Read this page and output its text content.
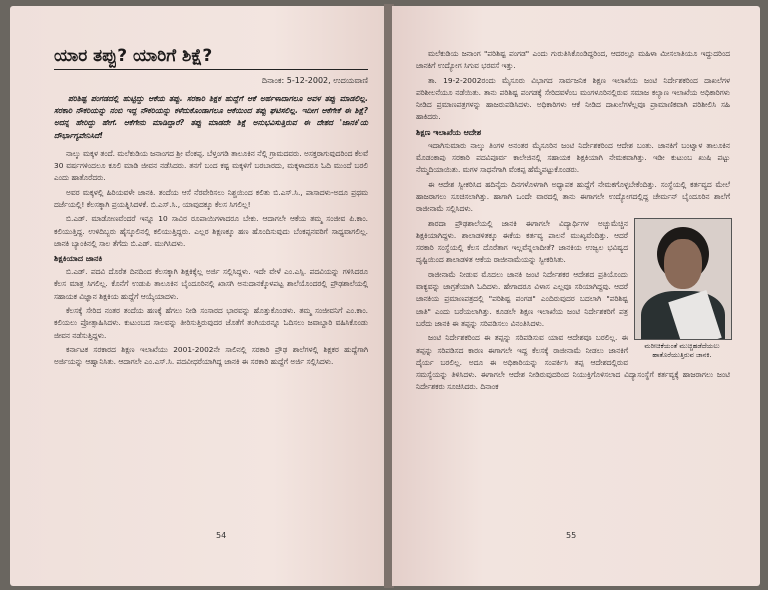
ಯಾರ ತಪ್ಪು? ಯಾರಿಗೆ ಶಿಕ್ಷೆ?
ದಿನಾಂಕ: 5-12-2002, ಉದಯವಾಣಿ
ಪರಿಶಿಷ್ಟ ಪಂಗಡದಲ್ಲಿ ಹುಟ್ಟಿದ್ದು ಆಕೆಯ ತಪ್ಪು. ಸರಕಾರಿ ಶಿಕ್ಷಕ ಹುದ್ದೆಗೆ ಆಕೆ ಅರ್ಹಳಾದಾಗಲೂ ಅವಳ ತಪ್ಪು ಮಾಡಲಿಲ್ಲ. ಸರಕಾರಿ ನೌಕರಿಯನ್ನು ನಂಬಿ ಇದ್ದ ನೌಕರಿಯನ್ನು ಕಳೆದುಕೊಂಡಾಗಲೂ ಆಕೆಯಿಂದ ತಪ್ಪು ಘಟಿಸಲಿಲ್ಲ. ಇದೀಗ ಆಕೆಗೇಕೆ ಈ ಶಿಕ್ಷೆ? ಅದನ್ನ ಹೇರಿದ್ದು ಹೇಗೆ. ಆಕೆಗೇನು ಮಾಡಿದ್ದಾರೆ? ತಪ್ಪು ಮಾಡದೇ ಶಿಕ್ಷೆ ಅನುಭವಿಸುತ್ತಿರುವ ಈ ದೇಶದ 'ಜಾನಕಿ'ಯ ದೌರ್ಭಾಗ್ಯವೇನಿಸಿದೆ!

ನಾಲ್ಕು ಮಕ್ಕಳ ತಂದೆ. ಮಲೆಕುಡಿಯ ಜನಾಂಗದ ಶ್ರೀ ವೆಂಕಪ್ಪ. ಬೆಳ್ತಂಗಡಿ ತಾಲೂಕಿನ ನೆಲ್ಲಿ ಗ್ರಾಮದವರು. ಅಸಕ್ತರಾಗುವುದರಿಂದ ಕೆಲವೆ 30 ವರ್ಷಗಳಿಂದಲೂ ಕೂಲಿ ಮಾಡಿ ಜೀವನ ನಡೆಸಿದರು. ತನಗೆ ಬಂದ ಕಷ್ಟ ಮಕ್ಕಳಿಗೆ ಬರಬಾರದು, ಮಕ್ಕಳಾದರೂ ಓದಿ ಮುಂದೆ ಬರಲಿ ಎಂದು ಹಾತೊರೆದರು.

ಅವರ ಮಕ್ಕಳಲ್ಲಿ ಹಿರಿಯವಳೇ ಜಾನಕಿ. ತಂದೆಯ ಆಸೆ ನೆರವೇರಿಸಲು ನಿಶ್ಚಯಿಂದ ಕಲಿತು ಬಿ.ಎಸ್.ಸಿ., ಪಾಸಾದಳು-ಅದೂ ಪ್ರಥಮ ದರ್ಜೆಯಲ್ಲಿ! ಕೆಲಸಕ್ಕಾಗಿ ಪ್ರಯತ್ನಿಸಿದಳಕೆ. ಬಿ.ಎಸ್.ಸಿ., ಯಾವುದಕ್ಕೂ ಕೆಲಸ ಸಿಗಲಿಲ್ಲ!

ಬಿ.ಎಡ್. ಮಾಡೋಣವೆಂದರೆ ಇನ್ನೂ 10 ಸಾವಿರ ರೂಪಾಯಿಗಳಾದರೂ ಬೇಕು. ಆದಾಗಲೇ ಆಕೆಯ ತಮ್ಮ ಸಂಜೀವ ಪಿ.ಕಾಂ. ಕಲಿಯುತ್ತಿದ್ದ. ಉಳಿದಿಬ್ಬರು ಹೈಸ್ಕೂಲಿನಲ್ಲಿ ಕಲಿಯುತ್ತಿದ್ದರು. ಎಲ್ಲರ ಶಿಕ್ಷಣಕ್ಕೂ ಹಣ ಹೊಂದಿಸುವುದು ಬೆಂಕಪ್ಪನವರಿಗೆ ಸಾಧ್ಯವಾಗಲಿಲ್ಲ. ಜಾನಕಿ ಬ್ಯಾಂಕಿನಲ್ಲಿ ಸಾಲ ತೆಗೆದು ಬಿ.ಎಡ್. ಮುಗಿಸಿದಳು.

ಶಿಕ್ಷಕಿಯಾದ ಜಾನಕಿ

ಬಿ.ಎಡ್. ಪದವಿ ದೊರೆತ ದಿನದಿಂದ ಕೆಲಸಕ್ಕಾಗಿ ಶಿಕ್ಷಕಿಕ್ಕೆಲ್ಲ ಅರ್ಜಿ ಸಲ್ಲಿಸಿದ್ದಳು. ಇದೇ ವೇಳೆ ಎಂ.ಎಸ್ಸಿ. ಪದವಿಯನ್ನು ಗಳಿಸಿದರೂ ಕೆಲಸ ಮಾತ್ರ ಸಿಗಲಿಲ್ಲ. ಕೊನೆಗೆ ಉಡುಪಿ ತಾಲೂಕಿನ ಬೈಂದೂರಿನಲ್ಲಿ ಖಾಸಗಿ ಅನುದಾನಕ್ಕೊಳಪಟ್ಟ ಶಾಲೆಯೊಂದರಲ್ಲಿ ಪ್ರೌಢಶಾಲೆಯಲ್ಲಿ ಸಹಾಯಕ ವಿಜ್ಞಾನ ಶಿಕ್ಷಕಿಯ ಹುದ್ದೆಗೆ ಆಯ್ಕೆಯಾದಳು.

ಕೆಲಸಕ್ಕೆ ಸೇರಿದ ನಂತರ ತಂದೆಯ ಹಣಕ್ಕೆ ಹೆಗಲು ನೀಡಿ ಸಂಸಾರದ ಭಾರವನ್ನು ಹೊತ್ತುಕೊಂಡಳು. ತಮ್ಮ ಸಂಜೀವನಿಗೆ ಎಂ.ಕಾಂ. ಕಲಿಯಲು ಪ್ರೋತ್ಸಾಹಿಸಿದಳು. ಕುಟುಂಬದ ಸಾಲವನ್ನು ತೀರಿಸುತ್ತಿರುವುದರ ಜೊತೆಗೆ ತಂಗಿಯರನ್ನೂ ಓದಿಸಲು ಜವಾಬ್ದಾರಿ ವಹಿಸಿಕೊಂಡು ಜೀವನ ನಡೆಸುತ್ತಿದ್ದಳು.

ಕರ್ನಾಟಕ ಸರಕಾರದ ಶಿಕ್ಷಣ ಇಲಾಖೆಯು 2001-2002ನೇ ಸಾಲಿನಲ್ಲಿ ಸರಕಾರಿ ಪ್ರೌಢ ಶಾಲೆಗಳಲ್ಲಿ ಶಿಕ್ಷಕರ ಹುದ್ದೆಗಾಗಿ ಅರ್ಜಿಯನ್ನು ಆಹ್ವಾನಿಸಿತು. ಆದಾಗಲೇ ಎಂ.ಎಸ್.ಸಿ. ಪದವೀಧರೆಯಾಗಿದ್ದ ಜಾನಕಿ ಈ ಸರಕಾರಿ ಹುದ್ದೆಗೆ ಅರ್ಜಿ ಸಲ್ಲಿಸಿದಳು.

54

ಮಲೆಕುಡಿಯ ಜನಾಂಗ "ಪರಿಶಿಷ್ಟ ಪಂಗಡ" ಎಂದು ಗುರುತಿಸಿಕೊಂಡಿದ್ದರಿಂದ, ಆದರಲ್ಲೂ ಮಹಿಳಾ ಮೀಸಲಾತಿಯೂ ಇದ್ದುದರಿಂದ ಜಾನಕಿಗೆ ಉದ್ಯೋಗ ಸಿಗುವ ಭರವಸೆ ಇತ್ತು.

ತಾ. 19-2-2002ರಂದು ಮೈಸೂರು ವಿಭಾಗದ ಸಾರ್ವಜನಿಕ ಶಿಕ್ಷಣ ಇಲಾಖೆಯ ಜಂಟಿ ನಿರ್ದೇಶಕರಿಂದ ದಾಖಲೆಗಳ ಪರಿಶೀಲನೆಯೂ ನಡೆಯಿತು. ತಾನು ಪರಿಶಿಷ್ಟ ಪಂಗಡಕ್ಕೆ ಸೇರಿದವಳೆಂಬ ಮಂಗಳೂರಿನಲ್ಲಿರುವ ಸಮಾಜ ಕಲ್ಯಾಣ ಇಲಾಖೆಯ ಅಧಿಕಾರಿಗಳು ನೀಡಿದ ಪ್ರಮಾಣಪತ್ರಗಳನ್ನು ಹಾಜರುಪಡಿಸಿದಳು. ಅಧಿಕಾರಿಗಳು ಆಕೆ ನೀಡಿದ ದಾಖಲೆಗಳೆಲ್ಲವೂ ಪ್ರಾಮಾಣಿಕವಾಗಿ ಪರಿಶೀಲಿಸಿ ಸಹಿ ಹಾಕಿದರು.

ಶಿಕ್ಷಣ ಇಲಾಖೆಯ ಆದೇಶ

ಇದಾಗಿಸುಮಾರು ನಾಲ್ಕು ತಿಂಗಳ ಅನಂತರ ಮೈಸೂರಿನ ಜಂಟಿ ನಿರ್ದೇಶಕರಿಂದ ಆದೇಶ ಬಂತು. ಜಾನಕಿಗೆ ಬಂಟ್ವಾಳ ತಾಲೂಕಿನ ಮೊಡಂಕಾಪು ಸರಕಾರಿ ಪದವಿಪೂರ್ವ ಕಾಲೇಜಿನಲ್ಲಿ ಸಹಾಯಕ ಶಿಕ್ಷಕಿಯಾಗಿ ನೇಮಕವಾಗಿತ್ತು. ಇಡೀ ಕುಟುಂಬ ಖುಷಿ ಪಟ್ಟು ನೆಮ್ಮದಿಯಾಯಿತು. ಮಗಳ ಸಾಧನೆಗಾಗಿ ವೆಂಕಪ್ಪ ಹೆಮ್ಮೆಪಟ್ಟುಕೊಂಡರು.

ಈ ಆದೇಶ ಸ್ವೀಕರಿಸಿದ ಹದಿನೈದು ದಿನಗಳೊಳಗಾಗಿ ಅಧ್ಯಾಪಕ ಹುದ್ದೆಗೆ ನೇಮಕಗೊಳ್ಳಬೇಕೆಂದಿತ್ತು. ಸಂಸ್ಥೆಯಲ್ಲಿ ಕರ್ತವ್ಯದ ಮೇಲೆ ಹಾಜರಾಗಲು ಸೂಚಿಸಲಾಗಿತ್ತು. ಹಾಗಾಗಿ ಒಂದೇ ವಾರದಲ್ಲಿ ತಾನು ಈಗಾಗಲೇ ಉದ್ಯೋಗದಲ್ಲಿದ್ದ ಚೇರ್ಮನ್ ಬೈಂದೂರಿನ ಶಾಲೆಗೆ ರಾಜೀನಾಮೆ ಸಲ್ಲಿಸಿದಳು.

ಮರೀಚಿಕೆಯಂತೆ ಮುಚ್ಚಿಹಡೆದೆಯಲು ಹಾತೊರೆಯುತ್ತಿರುವ ಜಾನಕಿ.

ಶಾರದಾ ಪ್ರೌಢಶಾಲೆಯಲ್ಲಿ ಜಾನಕಿ ಈಗಾಗಲೇ ವಿದ್ಯಾರ್ಥಿಗಳ ಅಚ್ಚುಮೆಚ್ಚಿನ ಶಿಕ್ಷಕಿಯಾಗಿದ್ದಳು. ಶಾಲಾಡಳಿತಕ್ಕೂ ಈಕೆಯ ಕರ್ತವ್ಯ ಪಾಲನೆ ಮುಖ್ಯವೆಂದಿತ್ತು. ಆದರೆ ಸರಕಾರಿ ಸಂಸ್ಥೆಯಲ್ಲಿ ಕೆಲಸ ದೊರೆತಾಗ ಇಲ್ಲವೆನ್ನಲಾದೀತೆ? ಜಾನಕಿಯ ಉಜ್ವಲ ಭವಿಷ್ಯದ ದೃಷ್ಟಿಯಿಂದ ಶಾಲಾಡಳಿತ ಆಕೆಯ ರಾಜೀನಾಮೆಯನ್ನು ಸ್ವೀಕರಿಸಿತು.

ರಾಜೀನಾಮೆ ನೀಡುವ ಮೊದಲು ಜಾನಕಿ ಜಂಟಿ ನಿರ್ದೇಶಕರ ಆದೇಶದ ಪ್ರತಿಯೊಂದು ವಾಕ್ಯವನ್ನು ಜಾಗ್ರತೆಯಾಗಿ ಓದಿದಳು. ಹೇಗಾದರೂ ವಿಳಾಸ ಎಲ್ಲವೂ ಸರಿಯಾಗಿದ್ದವು. ಆದರೆ ಜಾನಕಿಯ ಪ್ರಮಾಣಪತ್ರದಲ್ಲಿ "ಪರಿಶಿಷ್ಟ ಪಂಗಡ" ಎಂದಿರುವುದರ ಬದಲಾಗಿ "ಪರಿಶಿಷ್ಟ ಜಾತಿ" ಎಂದು ಬರೆಯಲಾಗಿತ್ತು. ಕೂಡಲೇ ಶಿಕ್ಷಣ ಇಲಾಖೆಯ ಜಂಟಿ ನಿರ್ದೇಶಕರಿಗೆ ಪತ್ರ ಬರೆದು ಜಾನಕಿ ಈ ತಪ್ಪನ್ನು ಸರಿಪಡಿಸಲು ವಿನಂತಿಸಿದಳು.

ಜಂಟಿ ನಿರ್ದೇಶಕರಿಂದ ಈ ತಪ್ಪನ್ನು ಸರಿಪಡಿಸುವ ಯಾವ ಆದೇಶವೂ ಬರಲಿಲ್ಲ. ಈ ತಪ್ಪನ್ನು ಸರಿಪಡಿಸದ ಕಾರಣ ಈಗಾಗಲೇ ಇದ್ದ ಕೆಲಸಕ್ಕೆ ರಾಜೀನಾಮೆ ನೀಡಲು ಜಾನಕಿಗೆ ದೈರ್ಯ ಬರಲಿಲ್ಲ. ಅದೂ ಈ ಅಧಿಕಾರಿಯನ್ನು ಸಂಪರ್ಕಿಸಿ ತಪ್ಪ ಆದೇಶದಲ್ಲಿರುವ ಸಮಸ್ಯೆಯನ್ನು ತಿಳಿಸಿದಳು. ಈಗಾಗಲೇ ಆದೇಶ ನೀಡಿರುವುದರಿಂದ ನಿಯುಕ್ತಿಗೊಳಿಸಲಾದ ವಿದ್ಯಾಸಂಸ್ಥೆಗೆ ಕರ್ತವ್ಯಕ್ಕೆ ಹಾಜರಾಗಲು ಜಂಟಿ ನಿರ್ದೇಶಕರು ಸೂಚಿಸಿದರು. ದಿನಾಂಕ

55
